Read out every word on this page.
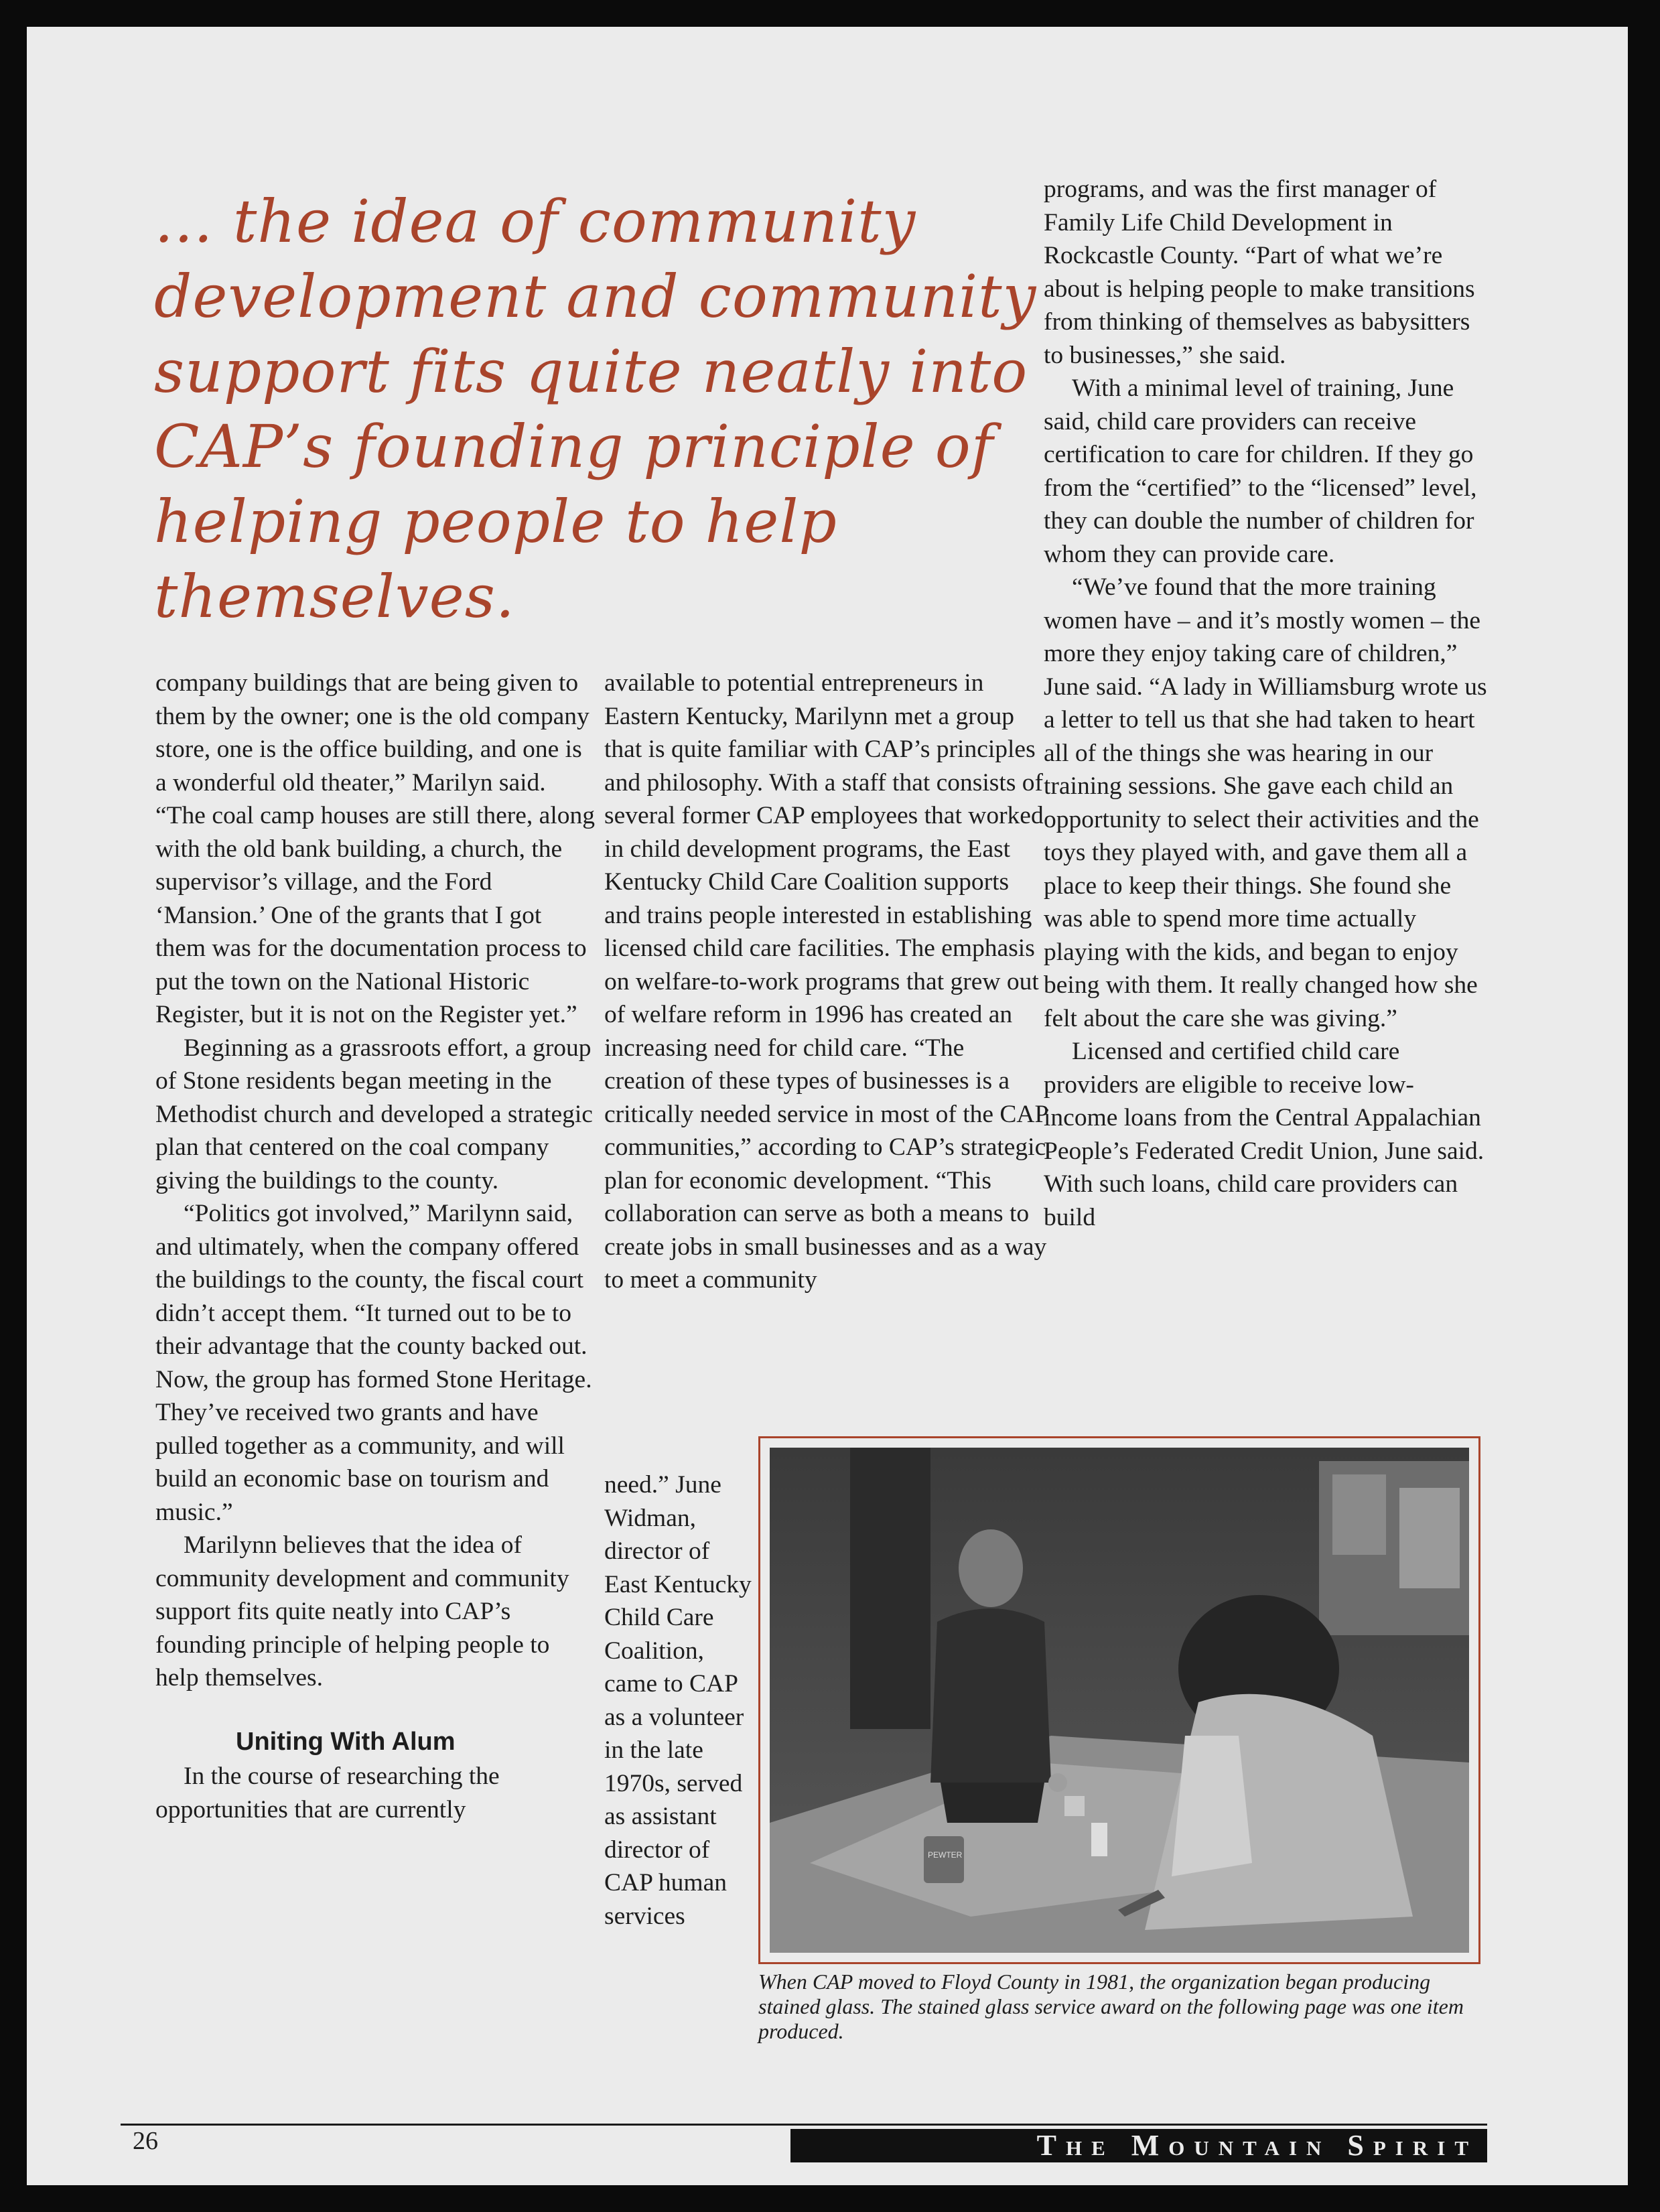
… the idea of community development and community support fits quite neatly into CAP’s founding principle of helping people to help themselves.

company buildings that are being given to them by the owner; one is the old company store, one is the office building, and one is a wonderful old theater,” Marilyn said. “The coal camp houses are still there, along with the old bank building, a church, the supervisor’s village, and the Ford ‘Mansion.’ One of the grants that I got them was for the documentation process to put the town on the National Historic Register, but it is not on the Register yet.”

Beginning as a grassroots effort, a group of Stone residents began meeting in the Methodist church and developed a strategic plan that centered on the coal company giving the buildings to the county.

“Politics got involved,” Marilynn said, and ultimately, when the company offered the buildings to the county, the fiscal court didn’t accept them. “It turned out to be to their advantage that the county backed out. Now, the group has formed Stone Heritage. They’ve received two grants and have pulled together as a community, and will build an economic base on tourism and music.”

Marilynn believes that the idea of community development and community support fits quite neatly into CAP’s founding principle of helping people to help themselves.

Uniting With Alum

In the course of researching the opportunities that are currently

available to potential entrepreneurs in Eastern Kentucky, Marilynn met a group that is quite familiar with CAP’s principles and philosophy. With a staff that consists of several former CAP employees that worked in child development programs, the East Kentucky Child Care Coalition supports and trains people interested in establishing licensed child care facilities. The emphasis on welfare-to-work programs that grew out of welfare reform in 1996 has created an increasing need for child care. “The creation of these types of businesses is a critically needed service in most of the CAP communities,” according to CAP’s strategic plan for economic development. “This collaboration can serve as both a means to create jobs in small businesses and as a way to meet a community

need.” June Widman, director of East Kentucky Child Care Coalition, came to CAP as a volunteer in the late 1970s, served as assistant director of CAP human services

programs, and was the first manager of Family Life Child Development in Rockcastle County. “Part of what we’re about is helping people to make transitions from thinking of themselves as babysitters to businesses,” she said.

With a minimal level of training, June said, child care providers can receive certification to care for children. If they go from the “certified” to the “licensed” level, they can double the number of children for whom they can provide care.

“We’ve found that the more training women have – and it’s mostly women – the more they enjoy taking care of children,” June said. “A lady in Williamsburg wrote us a letter to tell us that she had taken to heart all of the things she was hearing in our training sessions. She gave each child an opportunity to select their activities and the toys they played with, and gave them all a place to keep their things. She found she was able to spend more time actually playing with the kids, and began to enjoy being with them. It really changed how she felt about the care she was giving.”

Licensed and certified child care providers are eligible to receive low-income loans from the Central Appalachian People’s Federated Credit Union, June said. With such loans, child care providers can build

PEWTER
When CAP moved to Floyd County in 1981, the organization began producing stained glass. The stained glass service award on the following page was one item produced.
26	The Mountain Spirit
